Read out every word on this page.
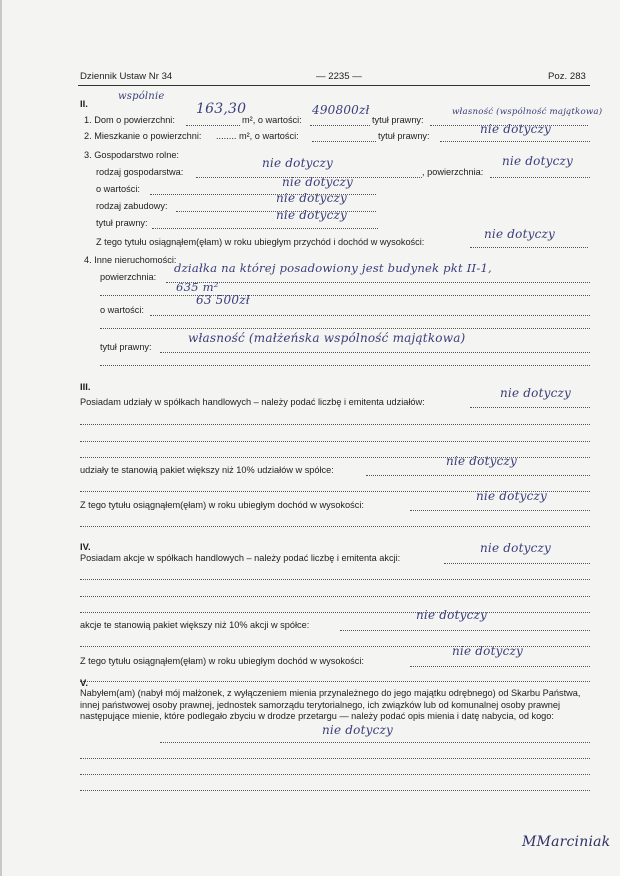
Dziennik Ustaw Nr 34	— 2235 —	Poz. 283
II.
wspólnie
1. Dom o powierzchni:
163,30
m², o wartości:
490800zł
tytuł prawny:
własność (wspólność majątkowa)
2. Mieszkanie o powierzchni: ........ m², o wartości:	tytuł prawny:	nie dotyczy
3. Gospodarstwo rolne:
rodzaj gospodarstwa:
nie dotyczy
, powierzchnia:
nie dotyczy
o wartości:	nie dotyczy
rodzaj zabudowy:
nie dotyczy
tytuł prawny:
nie dotyczy
Z tego tytułu osiągnąłem(ęłam) w roku ubiegłym przychód i dochód w wysokości:
nie dotyczy
4. Inne nieruchomości:
powierzchnia:
działka na której posadowiony jest budynek pkt II-1,
635 m²
o wartości:
63 500zł
tytuł prawny:
własność (małżeńska wspólność majątkowa)
III.
Posiadam udziały w spółkach handlowych – należy podać liczbę i emitenta udziałów:
nie dotyczy
udziały te stanowią pakiet większy niż 10% udziałów w spółce:
nie dotyczy
Z tego tytułu osiągnąłem(ęłam) w roku ubiegłym dochód w wysokości:
nie dotyczy
IV.
Posiadam akcje w spółkach handlowych – należy podać liczbę i emitenta akcji:
nie dotyczy
akcje te stanowią pakiet większy niż 10% akcji w spółce:
nie dotyczy
Z tego tytułu osiągnąłem(ęłam) w roku ubiegłym dochód w wysokości:
nie dotyczy
V.
Nabyłem(am) (nabył mój małżonek, z wyłączeniem mienia przynależnego do jego majątku odrębnego) od Skarbu Państwa, innej państwowej osoby prawnej, jednostek samorządu terytorialnego, ich związków lub od komunalnej osoby prawnej następujące mienie, które podlegało zbyciu w drodze przetargu — należy podać opis mienia i datę nabycia, od kogo:
nie dotyczy
MMarciniak
